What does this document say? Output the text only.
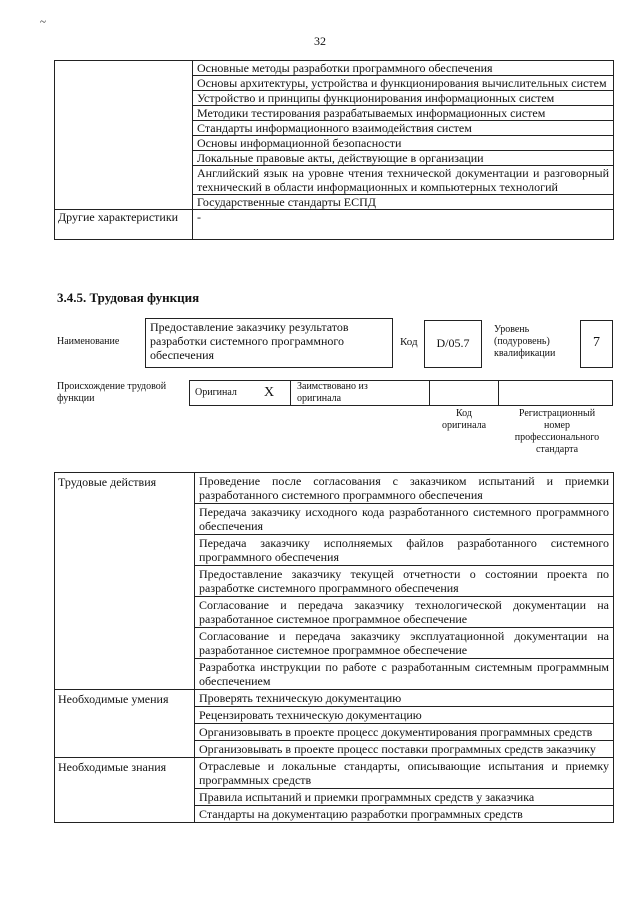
~
32
	Основные методы разработки программного обеспечения
	Основы архитектуры, устройства и функционирования вычислительных систем
	Устройство и принципы функционирования информационных систем
	Методики тестирования разрабатываемых информационных систем
	Стандарты информационного взаимодействия систем
	Основы информационной безопасности
	Локальные правовые акты, действующие в организации
	Английский язык на уровне чтения технической документации и разговорный технический в области информационных и компьютерных технологий
	Государственные стандарты ЕСПД
Другие характеристики	-
3.4.5. Трудовая функция
Наименование
Предоставление заказчику результатов разработки системного программного обеспечения
Код	D/05.7
Уровень (подуровень) квалификации
7
Происхождение трудовой функции
Оригинал X Заимствовано из оригинала
Код оригинала
Регистрационный номер профессионального стандарта
Трудовые действия	Проведение после согласования с заказчиком испытаний и приемки разработанного системного программного обеспечения
	Передача заказчику исходного кода разработанного системного программного обеспечения
	Передача заказчику исполняемых файлов разработанного системного программного обеспечения
	Предоставление заказчику текущей отчетности о состоянии проекта по разработке системного программного обеспечения
	Согласование и передача заказчику технологической документации на разработанное системное программное обеспечение
	Согласование и передача заказчику эксплуатационной документации на разработанное системное программное обеспечение
	Разработка инструкции по работе с разработанным системным программным обеспечением
Необходимые умения	Проверять техническую документацию
	Рецензировать техническую документацию
	Организовывать в проекте процесс документирования программных средств
	Организовывать в проекте процесс поставки программных средств заказчику
Необходимые знания	Отраслевые и локальные стандарты, описывающие испытания и приемку программных средств
	Правила испытаний и приемки программных средств у заказчика
	Стандарты на документацию разработки программных средств
